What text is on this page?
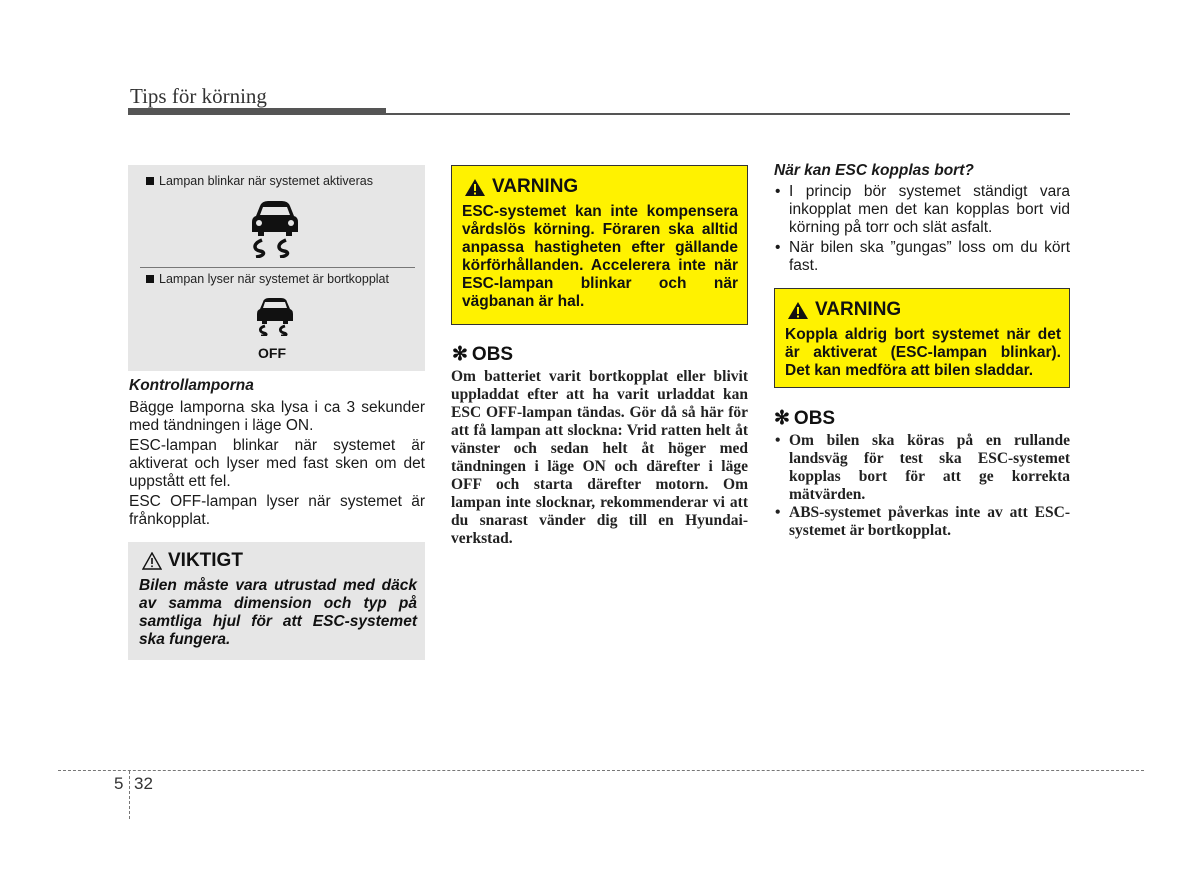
Tips för körning
Lampan blinkar när systemet aktiveras
Lampan lyser när systemet är bortkopplat
OFF
Kontrollamporna
Bägge lamporna ska lysa i ca 3 sekunder med tändningen i läge ON.
ESC-lampan blinkar när systemet är aktiverat och lyser med fast sken om det uppstått ett fel.
ESC OFF-lampan lyser när systemet är frånkopplat.
VIKTIGT
Bilen måste vara utrustad med däck av samma dimension och typ på samtliga hjul för att ESC-systemet ska fungera.
VARNING
ESC-systemet kan inte kompensera vårdslös körning. Föraren ska alltid anpassa hastigheten efter gällande körförhållanden. Accelerera inte när ESC-lampan blinkar och när vägbanan är hal.
✻ OBS
Om batteriet varit bortkopplat eller blivit uppladdat efter att ha varit urladdat kan ESC OFF-lampan tändas. Gör då så här för att få lampan att slockna: Vrid ratten helt åt vänster och sedan helt åt höger med tändningen i läge ON och därefter i läge OFF och starta därefter motorn. Om lampan inte slocknar, rekommenderar vi att du snarast vänder dig till en Hyundai-verkstad.
När kan ESC kopplas bort?
• I princip bör systemet ständigt vara inkopplat men det kan kopplas bort vid körning på torr och slät asfalt.
• När bilen ska ”gungas” loss om du kört fast.
VARNING
Koppla aldrig bort systemet när det är aktiverat (ESC-lampan blinkar). Det kan medföra att bilen sladdar.
✻ OBS
• Om bilen ska köras på en rullande landsväg för test ska ESC-systemet kopplas bort för att ge korrekta mätvärden.
• ABS-systemet påverkas inte av att ESC-systemet är bortkopplat.
5 32
